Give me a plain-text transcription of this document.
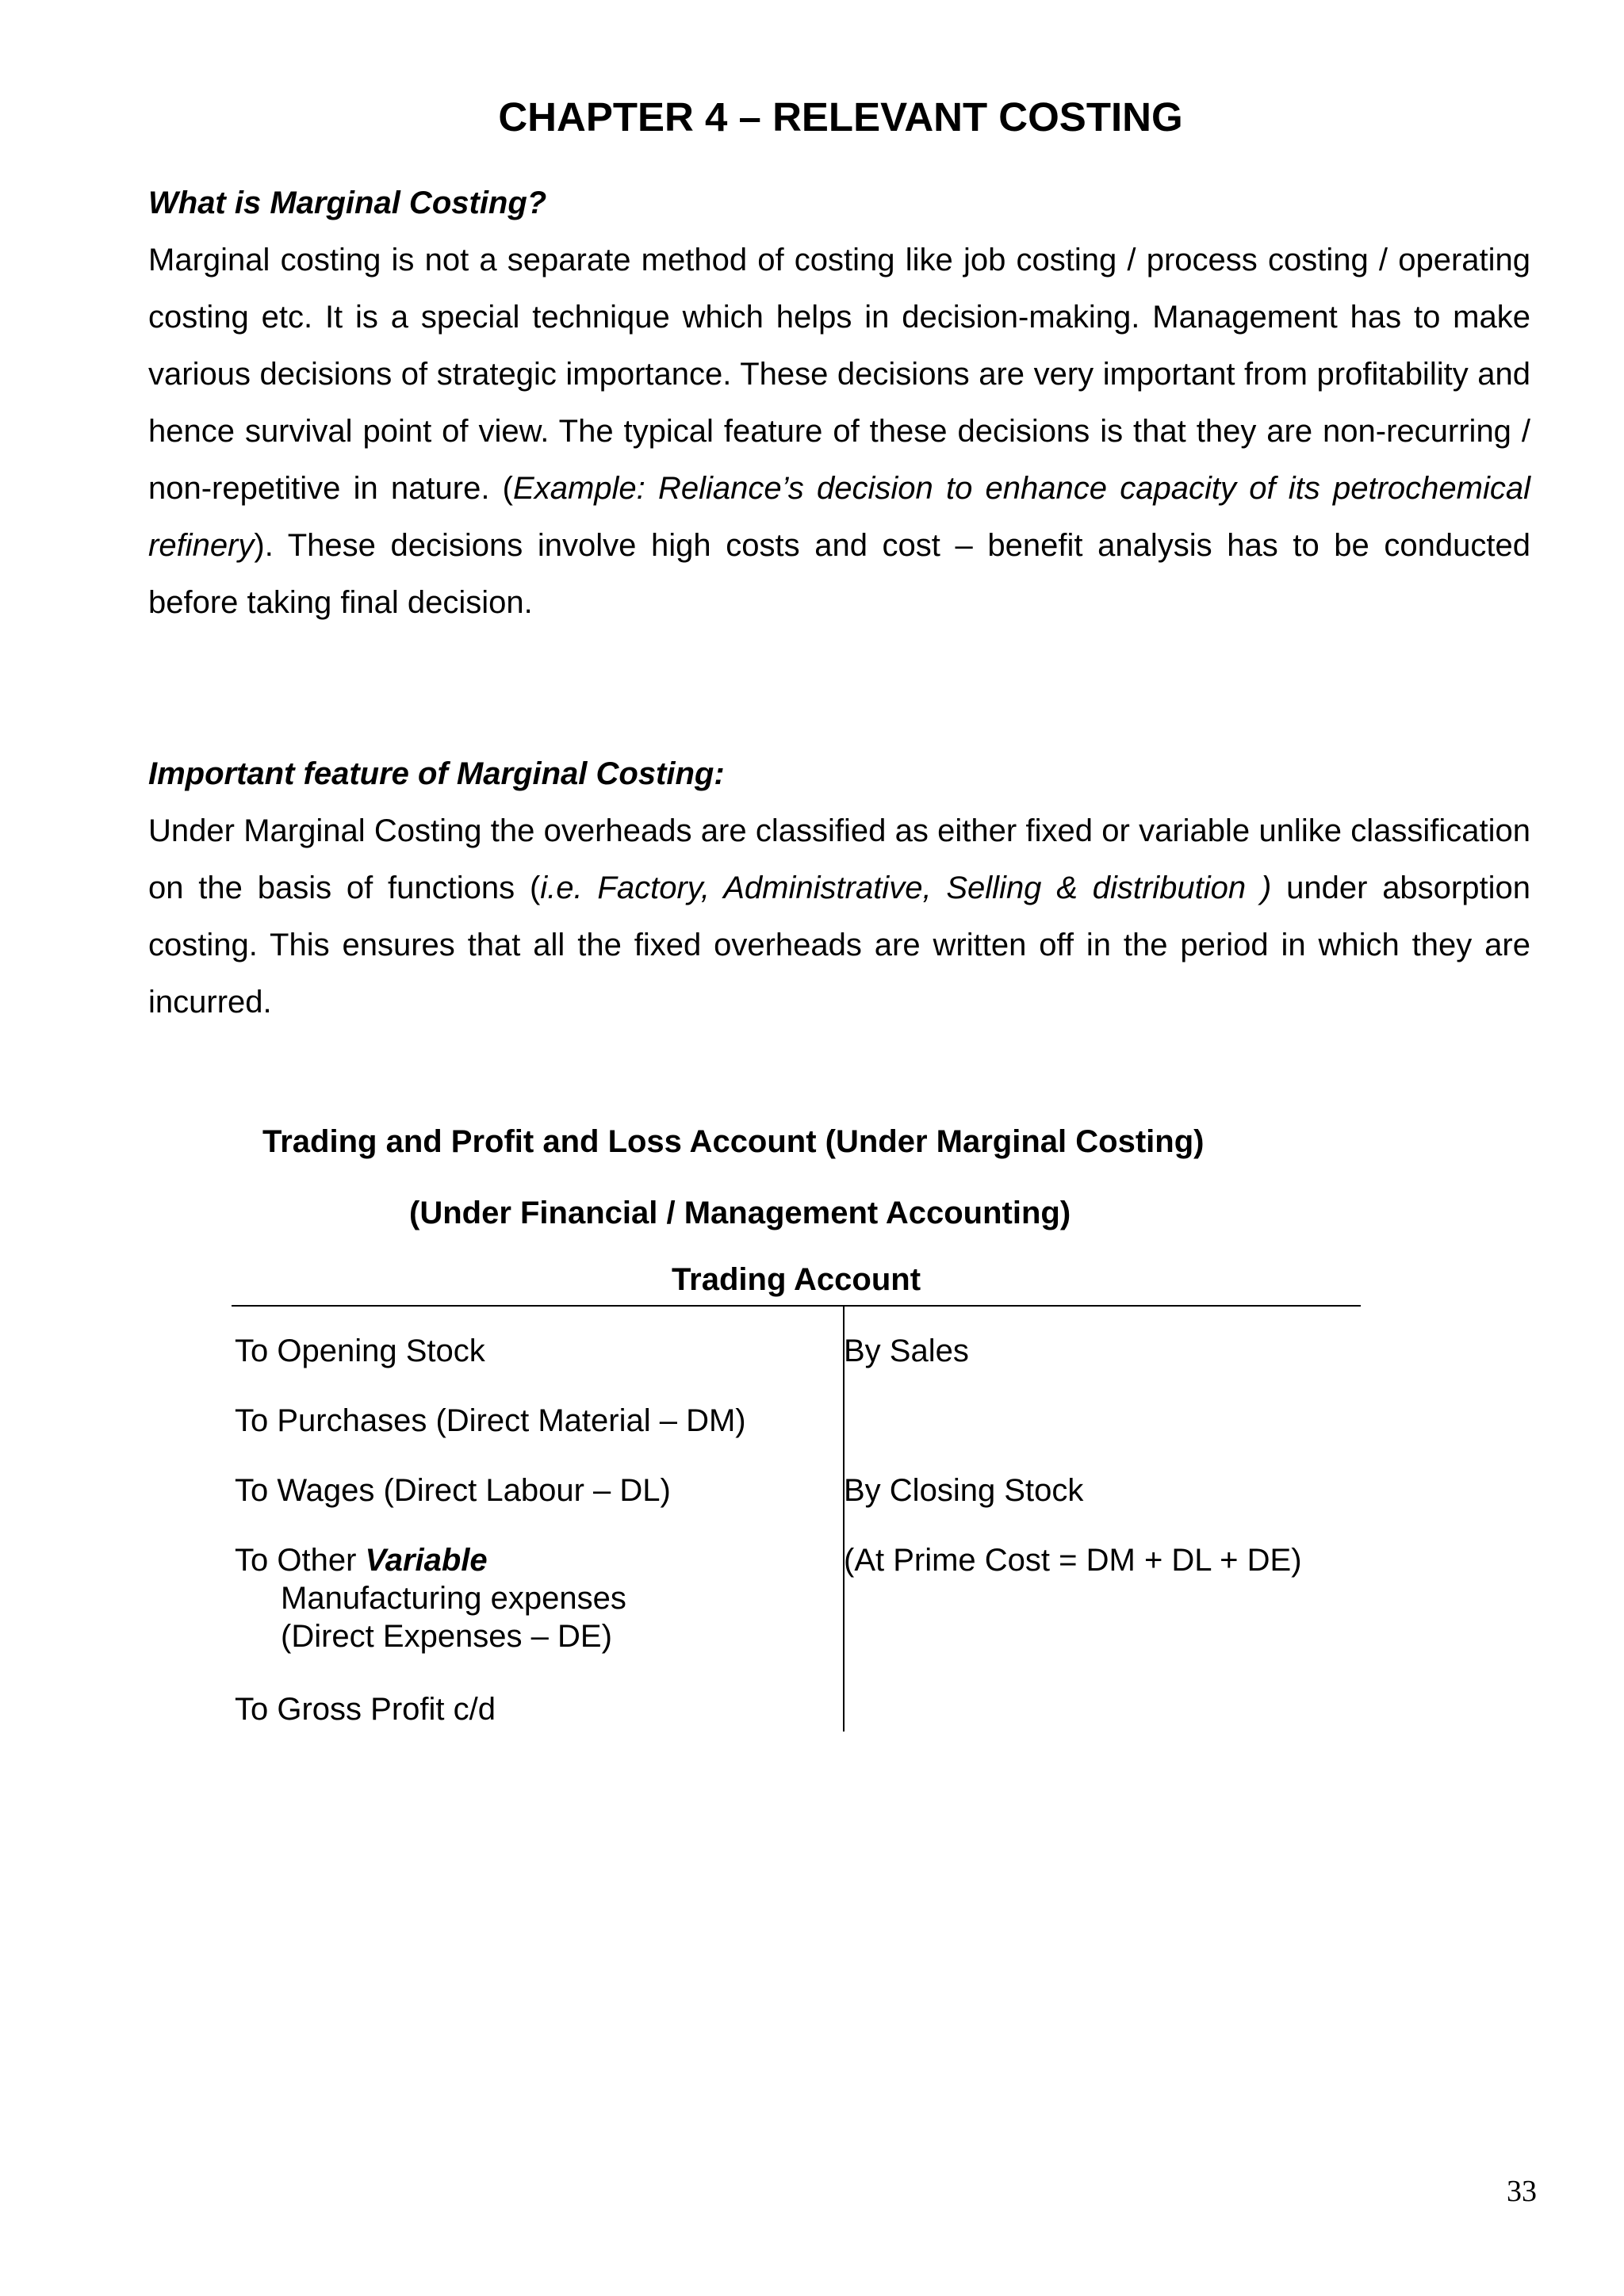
CHAPTER 4 – RELEVANT COSTING
What is Marginal Costing?
Marginal costing is not a separate method of costing like job costing / process costing / operating costing etc. It is a special technique which helps in decision-making. Management has to make various decisions of strategic importance. These decisions are very important from profitability and hence survival point of view. The typical feature of these decisions is that they are non-recurring / non-repetitive in nature. (Example: Reliance’s decision to enhance capacity of its petrochemical refinery). These decisions involve high costs and cost – benefit analysis has to be conducted before taking final decision.
Important feature of Marginal Costing:
Under Marginal Costing the overheads are classified as either fixed or variable unlike classification on the basis of functions (i.e. Factory, Administrative, Selling & distribution ) under absorption costing. This ensures that all the fixed overheads are written off in the period in which they are incurred.
Trading and Profit and Loss Account (Under Marginal Costing)
(Under Financial / Management Accounting)
Trading Account
To Opening Stock
To Purchases (Direct Material – DM)
To Wages (Direct Labour – DL)
To Other Variable
Manufacturing expenses
(Direct Expenses – DE)
To Gross Profit c/d
By Sales
By Closing Stock
(At Prime Cost = DM + DL + DE)
33
